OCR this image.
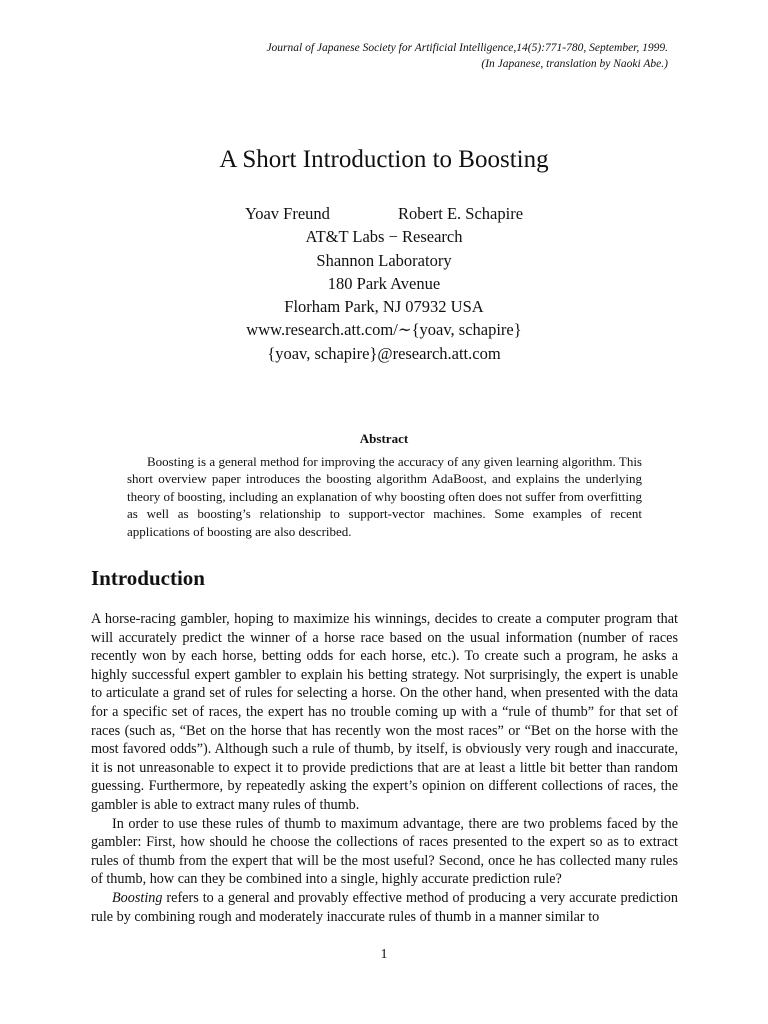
Journal of Japanese Society for Artificial Intelligence,14(5):771-780, September, 1999.
(In Japanese, translation by Naoki Abe.)
A Short Introduction to Boosting
Yoav Freund	Robert E. Schapire
AT&T Labs − Research
Shannon Laboratory
180 Park Avenue
Florham Park, NJ 07932 USA
www.research.att.com/∼{yoav, schapire}
{yoav, schapire}@research.att.com
Abstract

Boosting is a general method for improving the accuracy of any given learning algorithm. This short overview paper introduces the boosting algorithm AdaBoost, and explains the underlying theory of boosting, including an explanation of why boosting often does not suffer from overfitting as well as boosting’s relationship to support-vector machines. Some examples of recent applications of boosting are also described.

Introduction

A horse-racing gambler, hoping to maximize his winnings, decides to create a computer program that will accurately predict the winner of a horse race based on the usual information (number of races recently won by each horse, betting odds for each horse, etc.). To create such a program, he asks a highly successful expert gambler to explain his betting strategy. Not surprisingly, the expert is unable to articulate a grand set of rules for selecting a horse. On the other hand, when presented with the data for a specific set of races, the expert has no trouble coming up with a “rule of thumb” for that set of races (such as, “Bet on the horse that has recently won the most races” or “Bet on the horse with the most favored odds”). Although such a rule of thumb, by itself, is obviously very rough and inaccurate, it is not unreasonable to expect it to provide predictions that are at least a little bit better than random guessing. Furthermore, by repeatedly asking the expert’s opinion on different collections of races, the gambler is able to extract many rules of thumb.

In order to use these rules of thumb to maximum advantage, there are two problems faced by the gambler: First, how should he choose the collections of races presented to the expert so as to extract rules of thumb from the expert that will be the most useful? Second, once he has collected many rules of thumb, how can they be combined into a single, highly accurate prediction rule?

Boosting refers to a general and provably effective method of producing a very accurate prediction rule by combining rough and moderately inaccurate rules of thumb in a manner similar to

1
